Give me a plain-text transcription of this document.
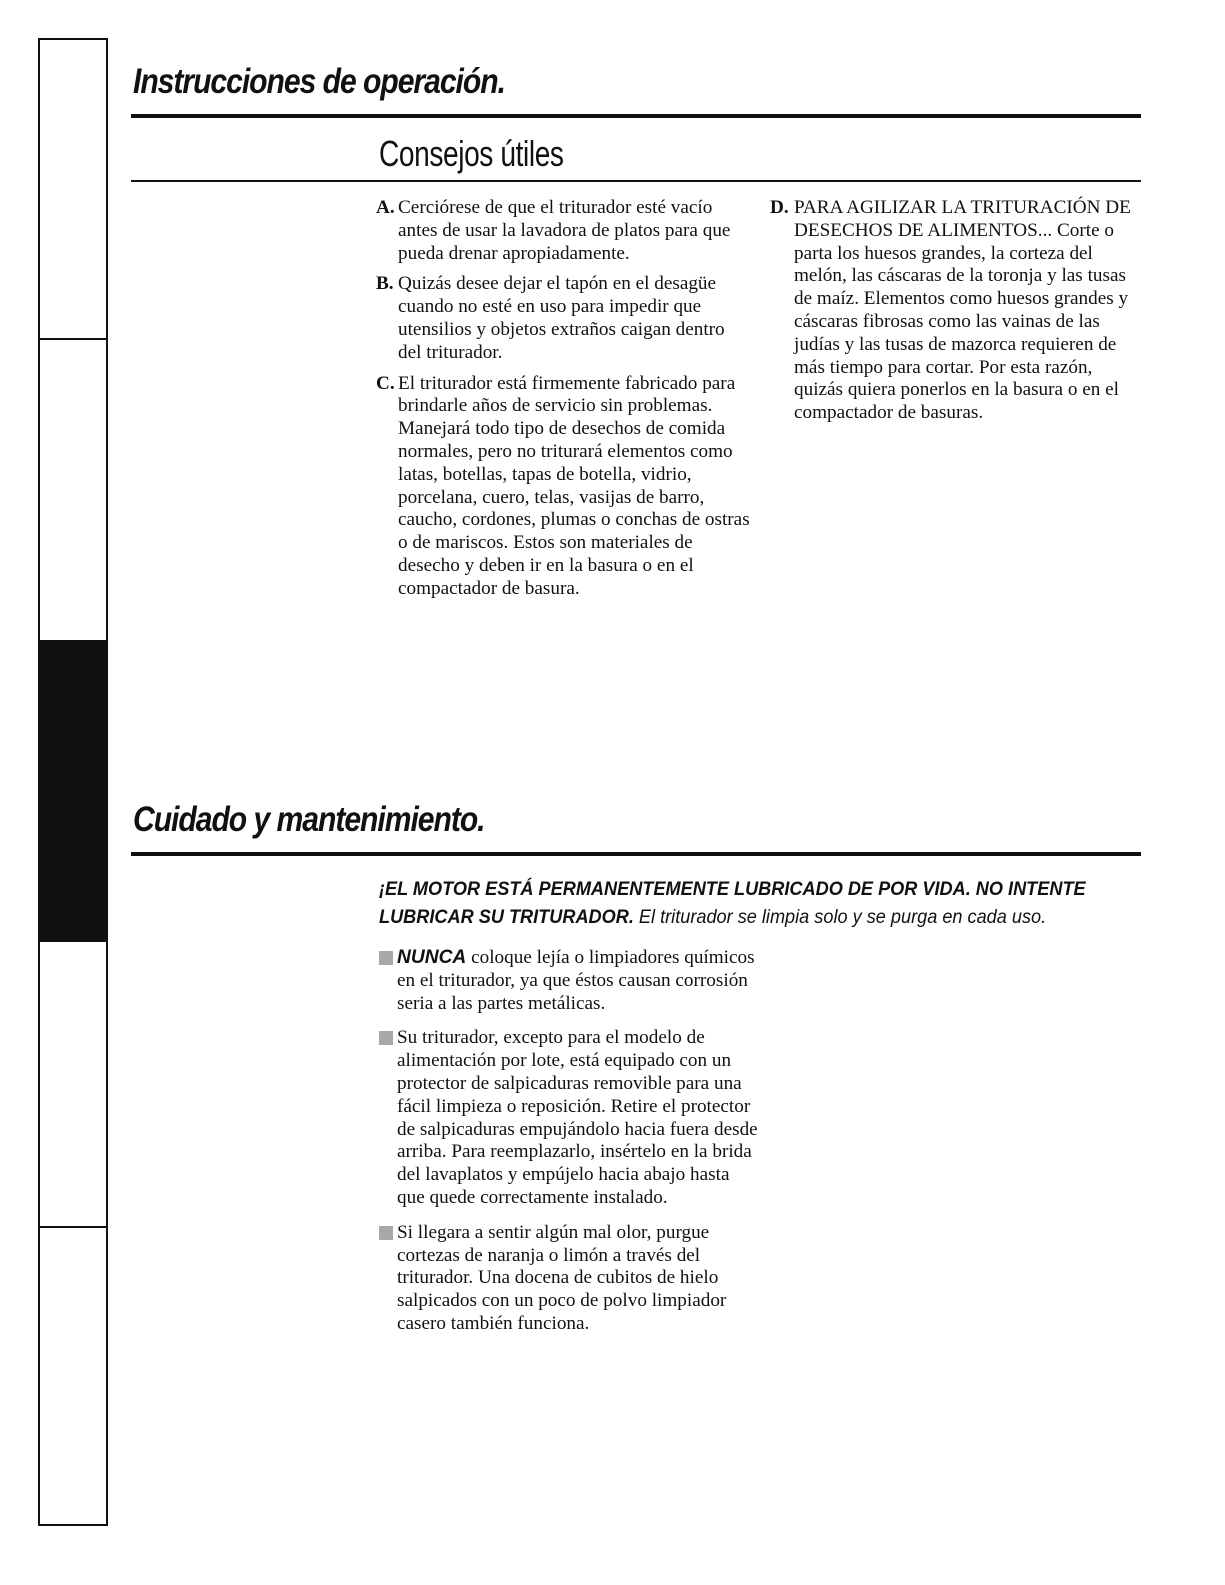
Instrucciones de operación.
Consejos útiles

A. Cerciórese de que el triturador esté vacío antes de usar la lavadora de platos para que pueda drenar apropiadamente.

B. Quizás desee dejar el tapón en el desagüe cuando no esté en uso para impedir que utensilios y objetos extraños caigan dentro del triturador.

C. El triturador está firmemente fabricado para brindarle años de servicio sin problemas. Manejará todo tipo de desechos de comida normales, pero no triturará elementos como latas, botellas, tapas de botella, vidrio, porcelana, cuero, telas, vasijas de barro, caucho, cordones, plumas o conchas de ostras o de mariscos. Estos son materiales de desecho y deben ir en la basura o en el compactador de basura.

D. PARA AGILIZAR LA TRITURACIÓN DE DESECHOS DE ALIMENTOS... Corte o parta los huesos grandes, la corteza del melón, las cáscaras de la toronja y las tusas de maíz. Elementos como huesos grandes y cáscaras fibrosas como las vainas de las judías y las tusas de mazorca requieren de más tiempo para cortar. Por esta razón, quizás quiera ponerlos en la basura o en el compactador de basuras.

Cuidado y mantenimiento.
¡EL MOTOR ESTÁ PERMANENTEMENTE LUBRICADO DE POR VIDA. NO INTENTE LUBRICAR SU TRITURADOR. El triturador se limpia solo y se purga en cada uso.

NUNCA coloque lejía o limpiadores químicos en el triturador, ya que éstos causan corrosión seria a las partes metálicas.

Su triturador, excepto para el modelo de alimentación por lote, está equipado con un protector de salpicaduras removible para una fácil limpieza o reposición. Retire el protector de salpicaduras empujándolo hacia fuera desde arriba. Para reemplazarlo, insértelo en la brida del lavaplatos y empújelo hacia abajo hasta que quede correctamente instalado.

Si llegara a sentir algún mal olor, purgue cortezas de naranja o limón a través del triturador. Una docena de cubitos de hielo salpicados con un poco de polvo limpiador casero también funciona.
